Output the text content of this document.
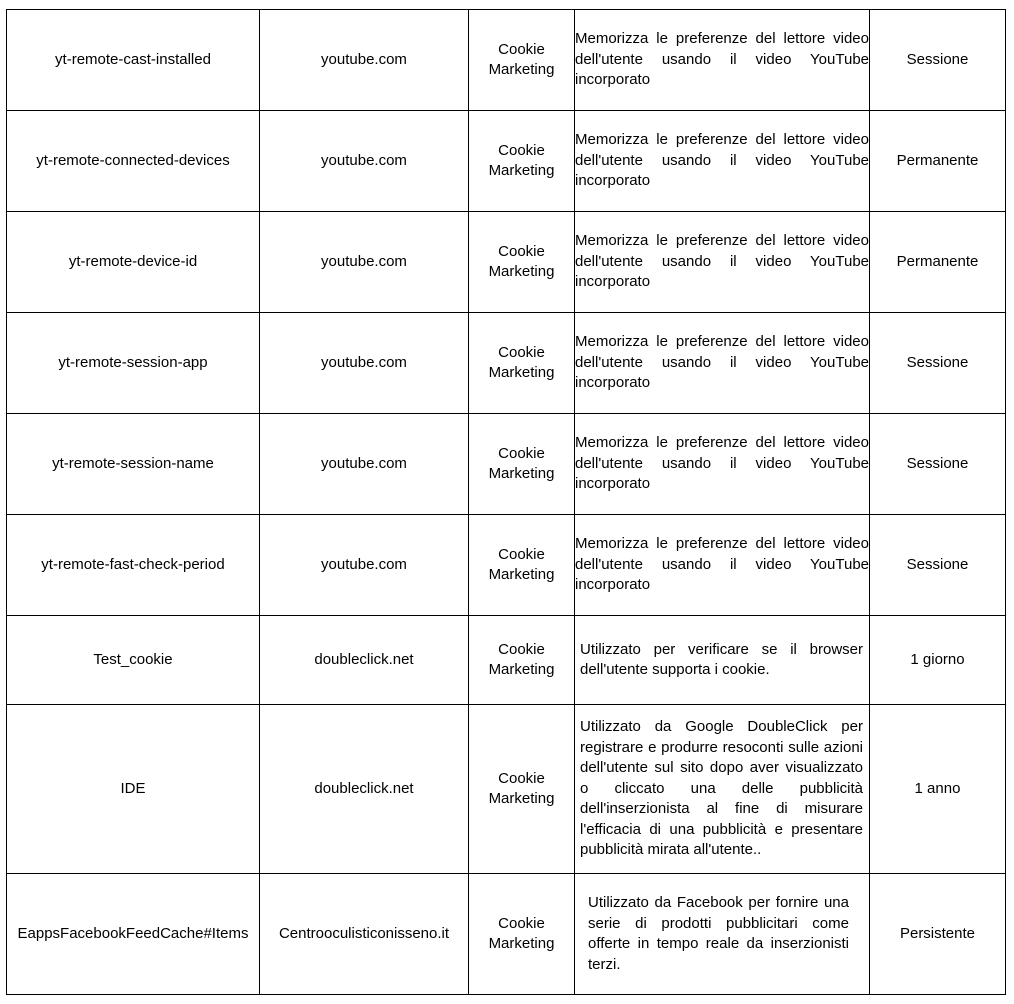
yt-remote-cast-installed	youtube.com	Cookie Marketing	Memorizza le preferenze del lettore video dell'utente usando il video YouTube incorporato	Sessione
yt-remote-connected-devices	youtube.com	Cookie Marketing	Memorizza le preferenze del lettore video dell'utente usando il video YouTube incorporato	Permanente
yt-remote-device-id	youtube.com	Cookie Marketing	Memorizza le preferenze del lettore video dell'utente usando il video YouTube incorporato	Permanente
yt-remote-session-app	youtube.com	Cookie Marketing	Memorizza le preferenze del lettore video dell'utente usando il video YouTube incorporato	Sessione
yt-remote-session-name	youtube.com	Cookie Marketing	Memorizza le preferenze del lettore video dell'utente usando il video YouTube incorporato	Sessione
yt-remote-fast-check-period	youtube.com	Cookie Marketing	Memorizza le preferenze del lettore video dell'utente usando il video YouTube incorporato	Sessione
Test_cookie	doubleclick.net	Cookie Marketing	Utilizzato per verificare se il browser dell'utente supporta i cookie.	1 giorno
IDE	doubleclick.net	Cookie Marketing	Utilizzato da Google DoubleClick per registrare e produrre resoconti sulle azioni dell'utente sul sito dopo aver visualizzato o cliccato una delle pubblicità dell'inserzionista al fine di misurare l'efficacia di una pubblicità e presentare pubblicità mirata all'utente..	1 anno
EappsFacebookFeedCache#Items	Centrooculisticonisseno.it	Cookie Marketing	Utilizzato da Facebook per fornire una serie di prodotti pubblicitari come offerte in tempo reale da inserzionisti terzi.	Persistente
